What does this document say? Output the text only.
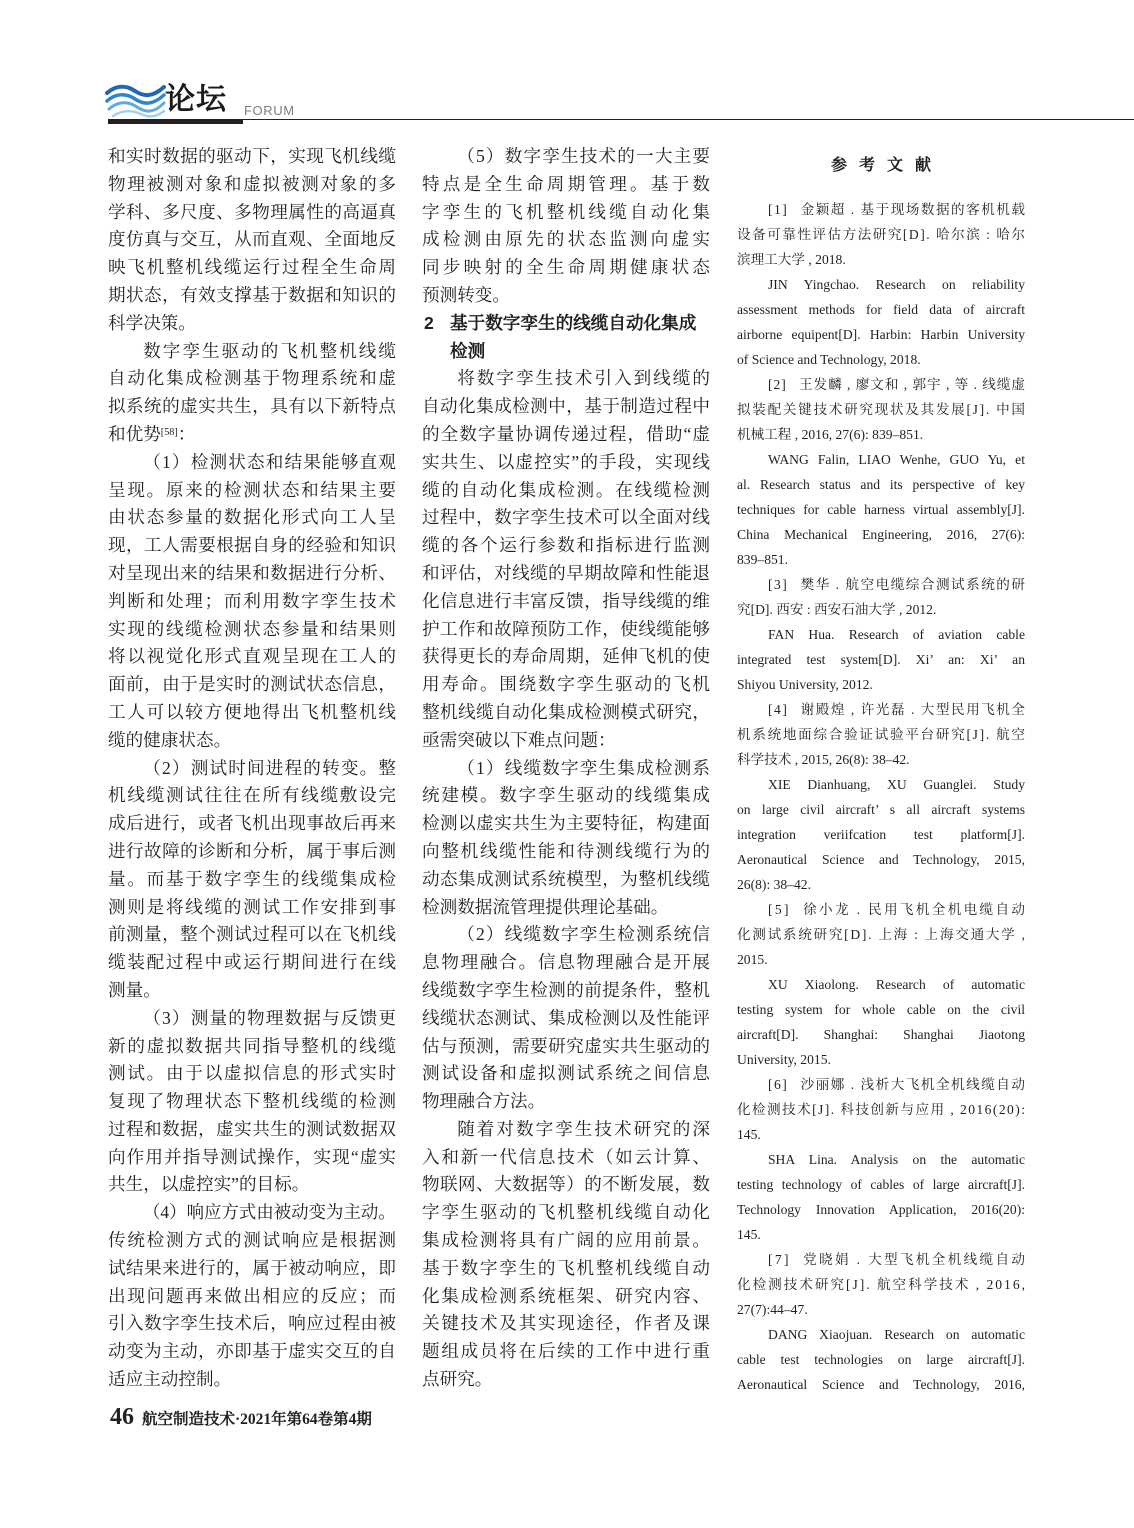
论坛 FORUM
和实时数据的驱动下，实现飞机线缆
物理被测对象和虚拟被测对象的多
学科、多尺度、多物理属性的高逼真
度仿真与交互，从而直观、全面地反
映飞机整机线缆运行过程全生命周
期状态，有效支撑基于数据和知识的
科学决策。
数字孪生驱动的飞机整机线缆
自动化集成检测基于物理系统和虚
拟系统的虚实共生，具有以下新特点
和优势[58]：
（1）检测状态和结果能够直观
呈现。原来的检测状态和结果主要
由状态参量的数据化形式向工人呈
现，工人需要根据自身的经验和知识
对呈现出来的结果和数据进行分析、
判断和处理；而利用数字孪生技术
实现的线缆检测状态参量和结果则
将以视觉化形式直观呈现在工人的
面前，由于是实时的测试状态信息，
工人可以较方便地得出飞机整机线
缆的健康状态。
（2）测试时间进程的转变。整
机线缆测试往往在所有线缆敷设完
成后进行，或者飞机出现事故后再来
进行故障的诊断和分析，属于事后测
量。而基于数字孪生的线缆集成检
测则是将线缆的测试工作安排到事
前测量，整个测试过程可以在飞机线
缆装配过程中或运行期间进行在线
测量。
（3）测量的物理数据与反馈更
新的虚拟数据共同指导整机的线缆
测试。由于以虚拟信息的形式实时
复现了物理状态下整机线缆的检测
过程和数据，虚实共生的测试数据双
向作用并指导测试操作，实现“虚实
共生，以虚控实”的目标。
（4）响应方式由被动变为主动。
传统检测方式的测试响应是根据测
试结果来进行的，属于被动响应，即
出现问题再来做出相应的反应；而
引入数字孪生技术后，响应过程由被
动变为主动，亦即基于虚实交互的自
适应主动控制。
（5）数字孪生技术的一大主要
特点是全生命周期管理。基于数
字孪生的飞机整机线缆自动化集
成检测由原先的状态监测向虚实
同步映射的全生命周期健康状态
预测转变。
2 基于数字孪生的线缆自动化集成
检测
将数字孪生技术引入到线缆的
自动化集成检测中，基于制造过程中
的全数字量协调传递过程，借助“虚
实共生、以虚控实”的手段，实现线
缆的自动化集成检测。在线缆检测
过程中，数字孪生技术可以全面对线
缆的各个运行参数和指标进行监测
和评估，对线缆的早期故障和性能退
化信息进行丰富反馈，指导线缆的维
护工作和故障预防工作，使线缆能够
获得更长的寿命周期，延伸飞机的使
用寿命。围绕数字孪生驱动的飞机
整机线缆自动化集成检测模式研究，
亟需突破以下难点问题：
（1）线缆数字孪生集成检测系
统建模。数字孪生驱动的线缆集成
检测以虚实共生为主要特征，构建面
向整机线缆性能和待测线缆行为的
动态集成测试系统模型，为整机线缆
检测数据流管理提供理论基础。
（2）线缆数字孪生检测系统信
息物理融合。信息物理融合是开展
线缆数字孪生检测的前提条件，整机
线缆状态测试、集成检测以及性能评
估与预测，需要研究虚实共生驱动的
测试设备和虚拟测试系统之间信息
物理融合方法。
随着对数字孪生技术研究的深
入和新一代信息技术（如云计算、
物联网、大数据等）的不断发展，数
字孪生驱动的飞机整机线缆自动化
集成检测将具有广阔的应用前景。
基于数字孪生的飞机整机线缆自动
化集成检测系统框架、研究内容、
关键技术及其实现途径，作者及课
题组成员将在后续的工作中进行重
点研究。
参考文献
[1] 金颖超 . 基于现场数据的客机机载
设备可靠性评估方法研究[D]. 哈尔滨 : 哈尔
滨理工大学 , 2018.
JIN Yingchao. Research on reliability
assessment methods for field data of aircraft
airborne equipent[D]. Harbin: Harbin University
of Science and Technology, 2018.
[2] 王发麟 , 廖文和 , 郭宇 , 等 . 线缆虚
拟装配关键技术研究现状及其发展[J]. 中国
机械工程 , 2016, 27(6): 839–851.
WANG Falin, LIAO Wenhe, GUO Yu, et
al. Research status and its perspective of key
techniques for cable harness virtual assembly[J].
China Mechanical Engineering, 2016, 27(6):
839–851.
[3] 樊华 . 航空电缆综合测试系统的研
究[D]. 西安 : 西安石油大学 , 2012.
FAN Hua. Research of aviation cable
integrated test system[D]. Xi’ an: Xi’ an
Shiyou University, 2012.
[4] 谢殿煌 , 许光磊 . 大型民用飞机全
机系统地面综合验证试验平台研究[J]. 航空
科学技术 , 2015, 26(8): 38–42.
XIE Dianhuang, XU Guanglei. Study
on large civil aircraft’ s all aircraft systems
integration veriifcation test platform[J].
Aeronautical Science and Technology, 2015,
26(8): 38–42.
[5] 徐小龙 . 民用飞机全机电缆自动
化测试系统研究[D]. 上海 : 上海交通大学 ,
2015.
XU Xiaolong. Research of automatic
testing system for whole cable on the civil
aircraft[D]. Shanghai: Shanghai Jiaotong
University, 2015.
[6] 沙丽娜 . 浅析大飞机全机线缆自动
化检测技术[J]. 科技创新与应用 , 2016(20):
145.
SHA Lina. Analysis on the automatic
testing technology of cables of large aircraft[J].
Technology Innovation Application, 2016(20):
145.
[7] 党晓娟 . 大型飞机全机线缆自动
化检测技术研究[J]. 航空科学技术 , 2016,
27(7):44–47.
DANG Xiaojuan. Research on automatic
cable test technologies on large aircraft[J].
Aeronautical Science and Technology, 2016,
46 航空制造技术·2021年第64卷第4期
